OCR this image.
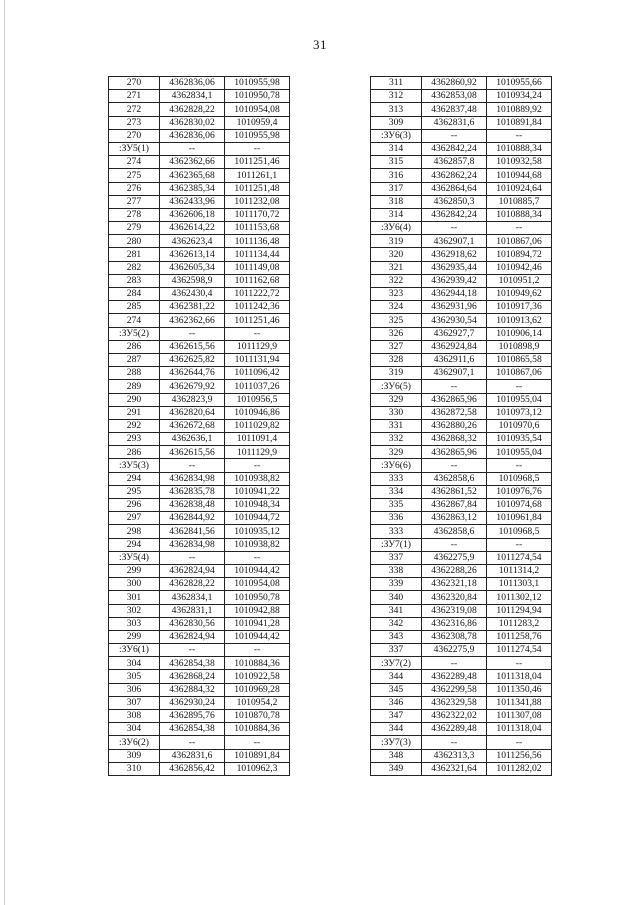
31
270	4362836,06	1010955,98
271	4362834,1	1010950,78
272	4362828,22	1010954,08
273	4362830,02	1010959,4
270	4362836,06	1010955,98
:ЗУ5(1)	--	--
274	4362362,66	1011251,46
275	4362365,68	1011261,1
276	4362385,34	1011251,48
277	4362433,96	1011232,08
278	4362606,18	1011170,72
279	4362614,22	1011153,68
280	4362623,4	1011136,48
281	4362613,14	1011134,44
282	4362605,34	1011149,08
283	4362598,9	1011162,68
284	4362430,4	1011222,72
285	4362381,22	1011242,36
274	4362362,66	1011251,46
:ЗУ5(2)	--	--
286	4362615,56	1011129,9
287	4362625,82	1011131,94
288	4362644,76	1011096,42
289	4362679,92	1011037,26
290	4362823,9	1010956,5
291	4362820,64	1010946,86
292	4362672,68	1011029,82
293	4362636,1	1011091,4
286	4362615,56	1011129,9
:ЗУ5(3)	--	--
294	4362834,98	1010938,82
295	4362835,78	1010941,22
296	4362838,48	1010948,34
297	4362844,92	1010944,72
298	4362841,56	1010935,12
294	4362834,98	1010938,82
:ЗУ5(4)	--	--
299	4362824,94	1010944,42
300	4362828,22	1010954,08
301	4362834,1	1010950,78
302	4362831,1	1010942,88
303	4362830,56	1010941,28
299	4362824,94	1010944,42
:ЗУ6(1)	--	--
304	4362854,38	1010884,36
305	4362868,24	1010922,58
306	4362884,32	1010969,28
307	4362930,24	1010954,2
308	4362895,76	1010870,78
304	4362854,38	1010884,36
:ЗУ6(2)	--	--
309	4362831,6	1010891,84
310	4362856,42	1010962,3
311	4362860,92	1010955,66
312	4362853,08	1010934,24
313	4362837,48	1010889,92
309	4362831,6	1010891,84
:ЗУ6(3)	--	--
314	4362842,24	1010888,34
315	4362857,8	1010932,58
316	4362862,24	1010944,68
317	4362864,64	1010924,64
318	4362850,3	1010885,7
314	4362842,24	1010888,34
:ЗУ6(4)	--	--
319	4362907,1	1010867,06
320	4362918,62	1010894,72
321	4362935,44	1010942,46
322	4362939,42	1010951,2
323	4362944,18	1010949,62
324	4362931,96	1010917,36
325	4362930,54	1010913,62
326	4362927,7	1010906,14
327	4362924,84	1010898,9
328	4362911,6	1010865,58
319	4362907,1	1010867,06
:ЗУ6(5)	--	--
329	4362865,96	1010955,04
330	4362872,58	1010973,12
331	4362880,26	1010970,6
332	4362868,32	1010935,54
329	4362865,96	1010955,04
:ЗУ6(6)	--	--
333	4362858,6	1010968,5
334	4362861,52	1010976,76
335	4362867,84	1010974,68
336	4362863,12	1010961,84
333	4362858,6	1010968,5
:ЗУ7(1)	--	--
337	4362275,9	1011274,54
338	4362288,26	1011314,2
339	4362321,18	1011303,1
340	4362320,84	1011302,12
341	4362319,08	1011294,94
342	4362316,86	1011283,2
343	4362308,78	1011258,76
337	4362275,9	1011274,54
:ЗУ7(2)	--	--
344	4362289,48	1011318,04
345	4362299,58	1011350,46
346	4362329,58	1011341,88
347	4362322,02	1011307,08
344	4362289,48	1011318,04
:ЗУ7(3)	--	--
348	4362313,3	1011256,56
349	4362321,64	1011282,02
